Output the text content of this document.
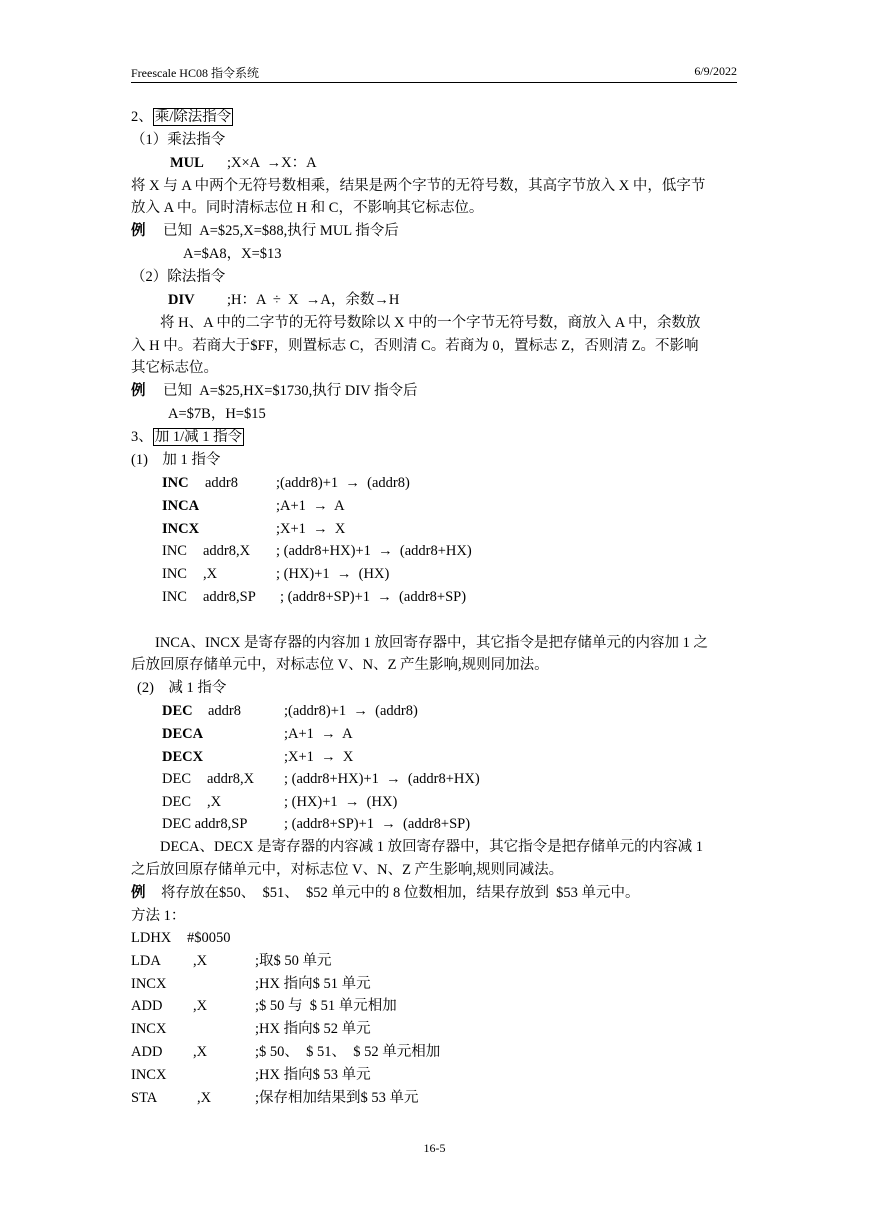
Freescale HC08 指令系统	6/9/2022
2、 乘/除法指令
（1）乘法指令
MUL ;X×A  →X：A
将 X 与 A 中两个无符号数相乘，结果是两个字节的无符号数，其高字节放入 X 中，低字节
放入 A 中。同时清标志位 H 和 C，不影响其它标志位。
例 已知  A=$25,X=$88,执行 MUL 指令后
A=$A8，X=$13
（2）除法指令
DIV ;H：A  ÷  X  →A，余数→H
将 H、A 中的二字节的无符号数除以 X 中的一个字节无符号数，商放入 A 中，余数放
入 H 中。若商大于$FF，则置标志 C，否则清 C。若商为 0，置标志 Z，否则清 Z。不影响
其它标志位。
例 已知  A=$25,HX=$1730,执行 DIV 指令后
A=$7B，H=$15
3、 加 1/减 1 指令
(1)    加 1 指令
INC addr8	;(addr8)+1  →  (addr8)
INCA	;A+1  →  A
INCX	;X+1  →  X
INC addr8,X ; (addr8+HX)+1  →  (addr8+HX)
INC ,X	; (HX)+1  →  (HX)
INC addr8,SP ; (addr8+SP)+1  →  (addr8+SP)
INCA、INCX 是寄存器的内容加 1 放回寄存器中，其它指令是把存储单元的内容加 1 之
后放回原存储单元中，对标志位 V、N、Z 产生影响,规则同加法。
(2)    减 1 指令
DEC addr8	;(addr8)+1  →  (addr8)
DECA	;A+1  →  A
DECX	;X+1  →  X
DEC addr8,X ; (addr8+HX)+1  →  (addr8+HX)
DEC ,X	; (HX)+1  →  (HX)
DEC addr8,SP	; (addr8+SP)+1  →  (addr8+SP)
DECA、DECX 是寄存器的内容减 1 放回寄存器中，其它指令是把存储单元的内容减 1
之后放回原存储单元中，对标志位 V、N、Z 产生影响,规则同减法。
例 将存放在$50、  $51、  $52 单元中的 8 位数相加，结果存放到  $53 单元中。
方法 1：
LDHX #$0050
LDA ,X	;取$ 50 单元
INCX	;HX 指向$ 51 单元
ADD ,X	;$ 50 与  $ 51 单元相加
INCX	;HX 指向$ 52 单元
ADD ,X	;$ 50、  $ 51、  $ 52 单元相加
INCX	;HX 指向$ 53 单元
STA	,X	;保存相加结果到$ 53 单元
16-5
